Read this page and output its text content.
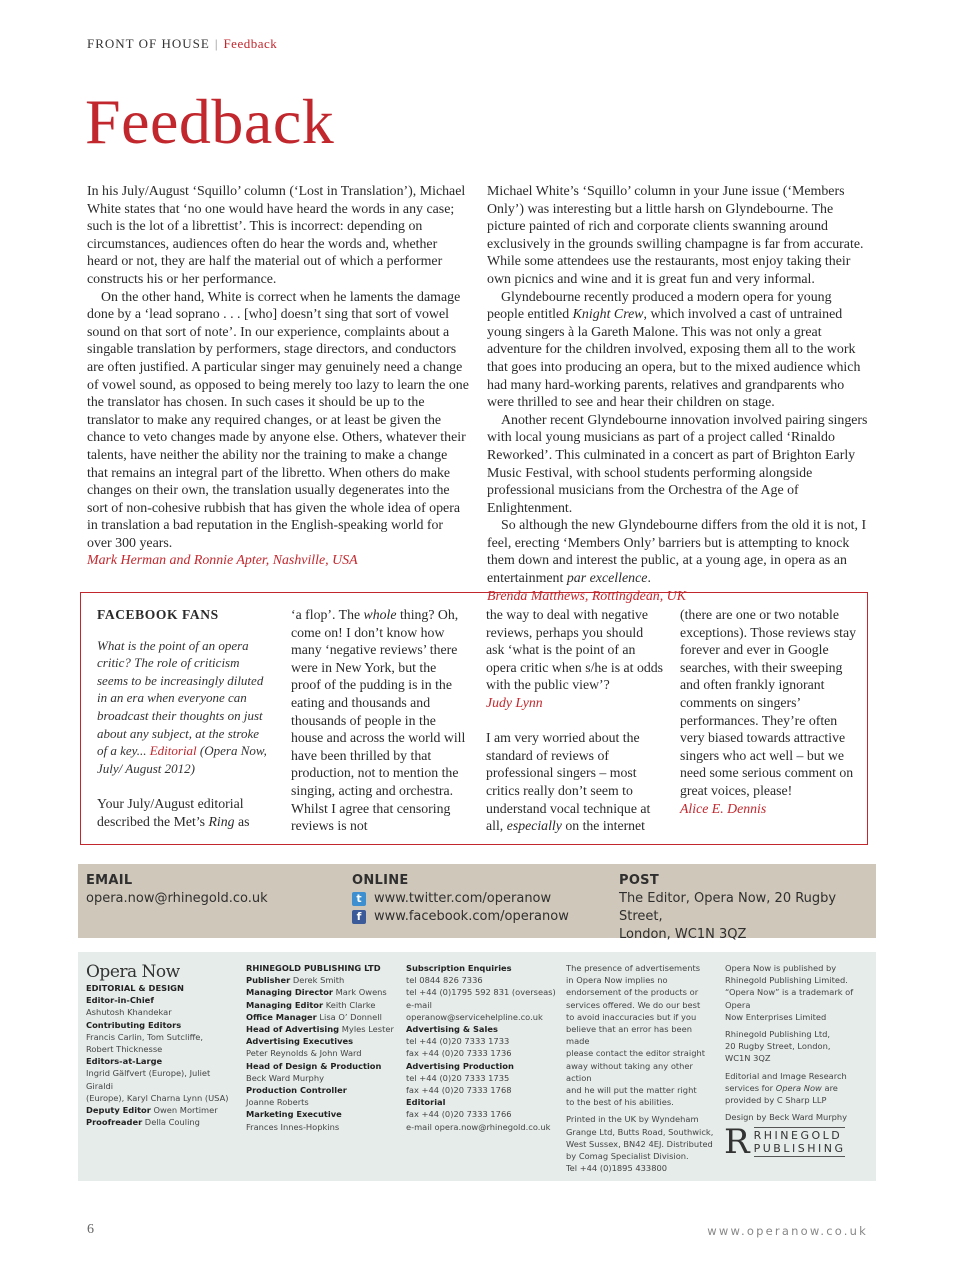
FRONT OF HOUSE | Feedback
Feedback

In his July/August ‘Squillo’ column (‘Lost in Translation’), Michael White states that ‘no one would have heard the words in any case; such is the lot of a librettist’. This is incorrect: depending on circumstances, audiences often do hear the words and, whether heard or not, they are half the material out of which a performer constructs his or her performance.

On the other hand, White is correct when he laments the damage done by a ‘lead soprano . . . [who] doesn’t sing that sort of vowel sound on that sort of note’. In our experience, complaints about a singable translation by performers, stage directors, and conductors are often justified. A particular singer may genuinely need a change of vowel sound, as opposed to being merely too lazy to learn the one the translator has chosen. In such cases it should be up to the translator to make any required changes, or at least be given the chance to veto changes made by anyone else. Others, whatever their talents, have neither the ability nor the training to make a change that remains an integral part of the libretto. When others do make changes on their own, the translation usually degenerates into the sort of non-cohesive rubbish that has given the whole idea of opera in translation a bad reputation in the English-speaking world for over 300 years.

Mark Herman and Ronnie Apter, Nashville, USA

Michael White’s ‘Squillo’ column in your June issue (‘Members Only’) was interesting but a little harsh on Glyndebourne. The picture painted of rich and corporate clients swanning around exclusively in the grounds swilling champagne is far from accurate. While some attendees use the restaurants, most enjoy taking their own picnics and wine and it is great fun and very informal.

Glyndebourne recently produced a modern opera for young people entitled Knight Crew, which involved a cast of untrained young singers à la Gareth Malone. This was not only a great adventure for the children involved, exposing them all to the work that goes into producing an opera, but to the mixed audience which had many hard-working parents, relatives and grandparents who were thrilled to see and hear their children on stage.

Another recent Glyndebourne innovation involved pairing singers with local young musicians as part of a project called ‘Rinaldo Reworked’. This culminated in a concert as part of Brighton Early Music Festival, with school students performing alongside professional musicians from the Orchestra of the Age of Enlightenment.

So although the new Glyndebourne differs from the old it is not, I feel, erecting ‘Members Only’ barriers but is attempting to knock them down and interest the public, at a young age, in opera as an entertainment par excellence.

Brenda Matthews, Rottingdean, UK

FACEBOOK FANS

What is the point of an opera critic? The role of criticism seems to be increasingly diluted in an era when everyone can broadcast their thoughts on just about any subject, at the stroke of a key... Editorial (Opera Now, July/ August 2012)

Your July/August editorial described the Met’s Ring as

‘a flop’. The whole thing? Oh, come on! I don’t know how many ‘negative reviews’ there were in New York, but the proof of the pudding is in the eating and thousands and thousands of people in the house and across the world will have been thrilled by that production, not to mention the singing, acting and orchestra. Whilst I agree that censoring reviews is not

the way to deal with negative reviews, perhaps you should ask ‘what is the point of an opera critic when s/he is at odds with the public view’?

Judy Lynn

I am very worried about the standard of reviews of professional singers – most critics really don’t seem to understand vocal technique at all, especially on the internet

(there are one or two notable exceptions). Those reviews stay forever and ever in Google searches, with their sweeping and often frankly ignorant comments on singers’ performances. They’re often very biased towards attractive singers who act well – but we need some serious comment on great voices, please!

Alice E. Dennis

EMAIL
opera.now@rhinegold.co.uk
ONLINE
t www.twitter.com/operanow
f www.facebook.com/operanow
POST
The Editor, Opera Now, 20 Rugby Street,
London, WC1N 3QZ
Opera Now

EDITORIAL & DESIGN

Editor-in-Chief

Ashutosh Khandekar

Contributing Editors

Francis Carlin, Tom Sutcliffe,

Robert Thicknesse

Editors-at-Large

Ingrid Gälfvert (Europe), Juliet Giraldi

(Europe), Karyl Charna Lynn (USA)

Deputy Editor Owen Mortimer

Proofreader Della Couling

RHINEGOLD PUBLISHING LTD

Publisher Derek Smith

Managing Director Mark Owens

Managing Editor Keith Clarke

Office Manager Lisa O’ Donnell

Head of Advertising Myles Lester

Advertising Executives

Peter Reynolds & John Ward

Head of Design & Production

Beck Ward Murphy

Production Controller

Joanne Roberts

Marketing Executive

Frances Innes-Hopkins

Subscription Enquiries

tel 0844 826 7336

tel +44 (0)1795 592 831 (overseas)

e-mail operanow@servicehelpline.co.uk

Advertising & Sales

tel +44 (0)20 7333 1733

fax +44 (0)20 7333 1736

Advertising Production

tel +44 (0)20 7333 1735

fax +44 (0)20 7333 1768

Editorial

fax +44 (0)20 7333 1766

e-mail opera.now@rhinegold.co.uk

The presence of advertisements

in Opera Now implies no

endorsement of the products or

services offered. We do our best

to avoid inaccuracies but if you

believe that an error has been made

please contact the editor straight

away without taking any other action

and he will put the matter right

to the best of his abilities.

Printed in the UK by Wyndeham

Grange Ltd, Butts Road, Southwick,

West Sussex, BN42 4EJ. Distributed

by Comag Specialist Division.

Tel +44 (0)1895 433800

Opera Now is published by

Rhinegold Publishing Limited.

“Opera Now” is a trademark of Opera

Now Enterprises Limited

Rhinegold Publishing Ltd,

20 Rugby Street, London,

WC1N 3QZ

Editorial and Image Research

services for Opera Now are

provided by C Sharp LLP

Design by Beck Ward Murphy

R RHINEGOLD
PUBLISHING
6	www.operanow.co.uk
